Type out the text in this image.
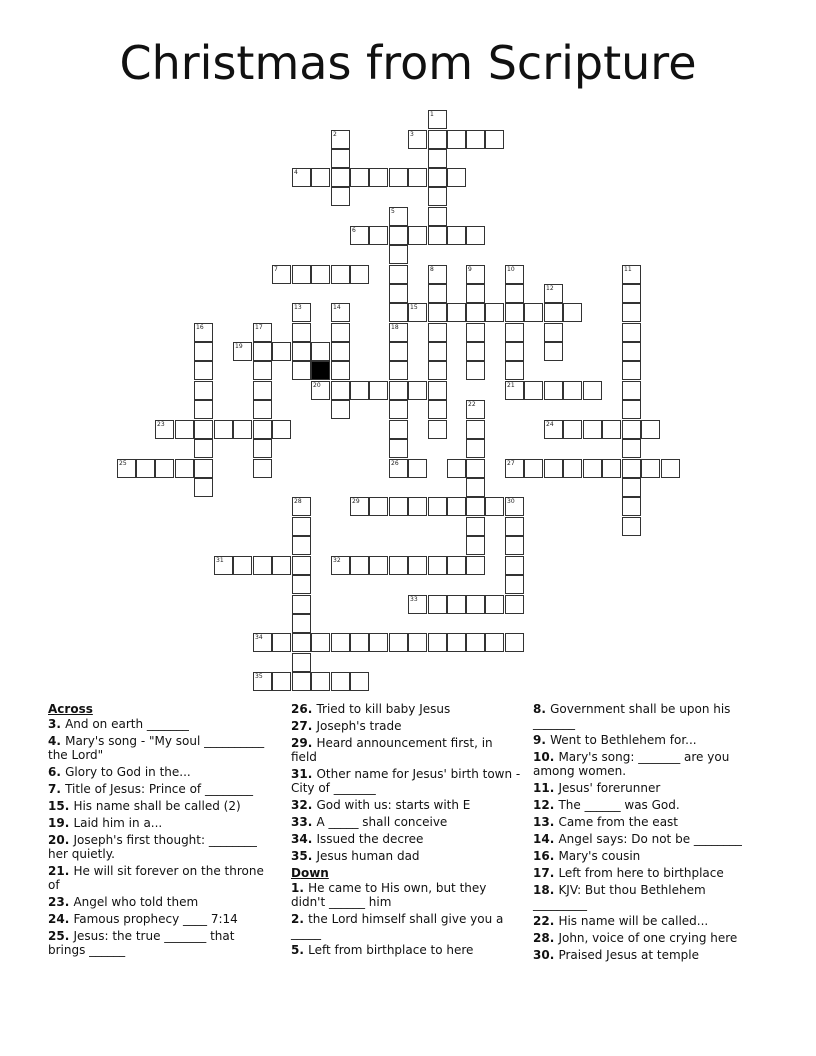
Christmas from Scripture
1
3
2
4
5
18
26
6
7	8	9	10	11
12
15
13	14
16	17
19
20
22
23	24
25	27
28	29	30
31	32
33
34
35
21
Across
3. And on earth _______
4. Mary's song - "My soul __________ the Lord"
6. Glory to God in the...
7. Title of Jesus: Prince of ________
15. His name shall be called (2)
19. Laid him in a...
20. Joseph's first thought: ________ her quietly.
21. He will sit forever on the throne of
23. Angel who told them
24. Famous prophecy ____ 7:14
25. Jesus: the true _______ that brings ______
26. Tried to kill baby Jesus
27. Joseph's trade
29. Heard announcement first, in field
31. Other name for Jesus' birth town - City of _______
32. God with us: starts with E
33. A _____ shall conceive
34. Issued the decree
35. Jesus human dad
Down
1. He came to His own, but they didn't ______ him
2. the Lord himself shall give you a _____
5. Left from birthplace to here
8. Government shall be upon his _______
9. Went to Bethlehem for...
10. Mary's song: _______ are you among women.
11. Jesus' forerunner
12. The ______ was God.
13. Came from the east
14. Angel says: Do not be ________
16. Mary's cousin
17. Left from here to birthplace
18. KJV: But thou Bethlehem _________
22. His name will be called...
28. John, voice of one crying here
30. Praised Jesus at temple
